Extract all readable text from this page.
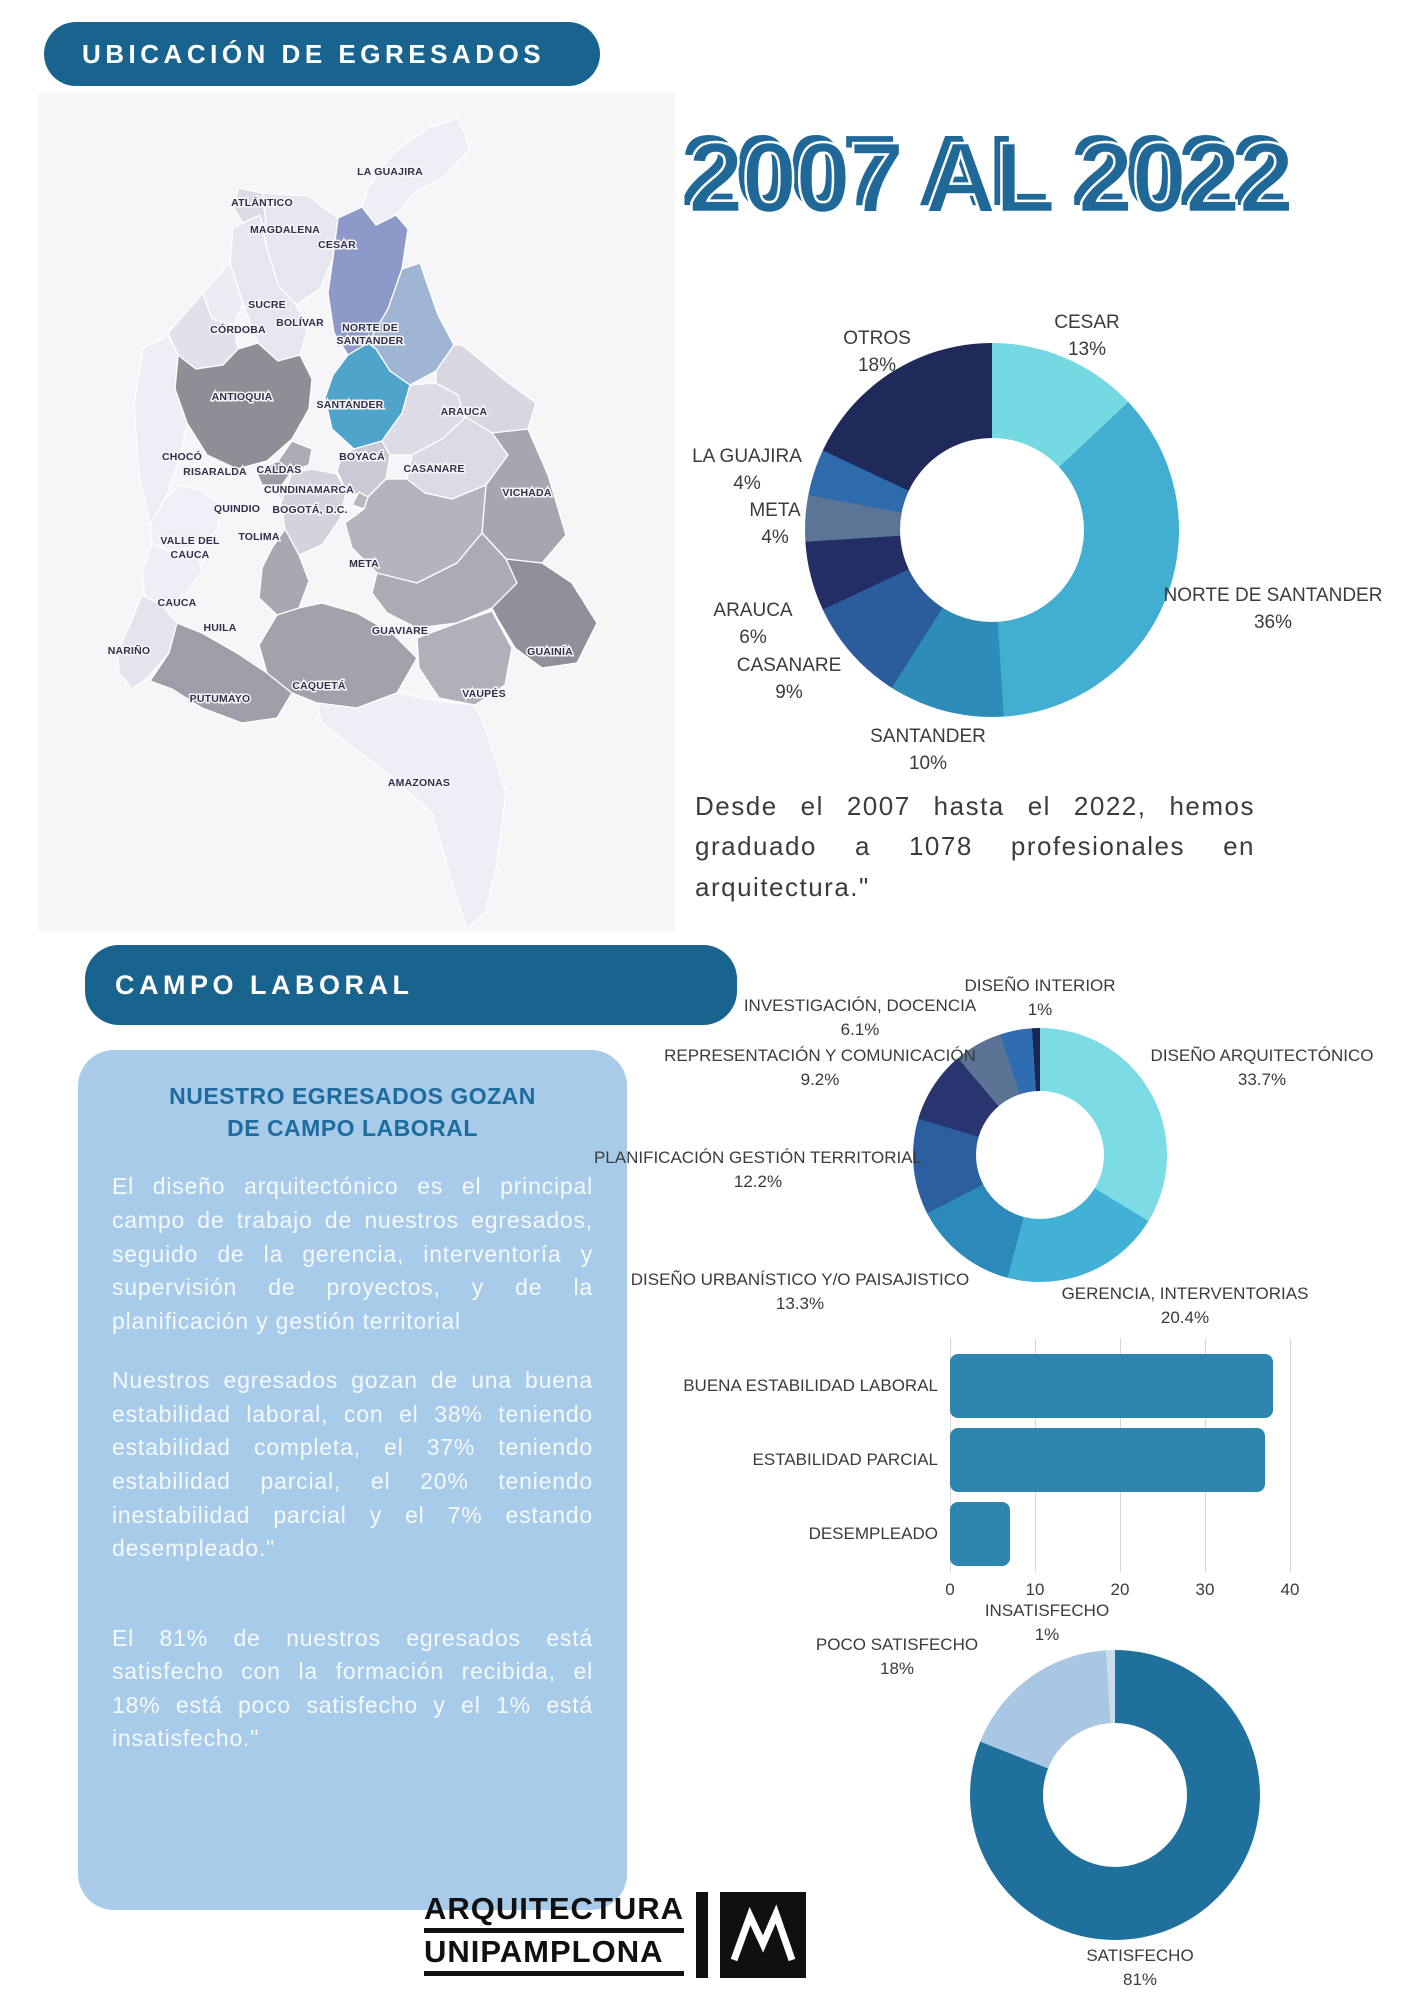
UBICACIÓN DE EGRESADOS
LA GUAJIRA
ATLÁNTICO
MAGDALENA
CESAR
SUCRE
BOLÍVAR
CÓRDOBA	NORTE DE
SANTANDER
ANTIOQUIA
SANTANDER
ARAUCA
CHOCÓ
RISARALDA CALDAS
BOYACÁ
CASANARE
CUNDINAMARCA
QUINDIO BOGOTÁ, D.C.
VICHADA
VALLE DEL
CAUCA
TOLIMA
META
CAUCA
HUILA
GUAINÍA
NARIÑO
GUAVIARE
CAQUETÁ
PUTUMAYO	VAUPÉS
AMAZONAS
2007 AL 2022
CESAR
13%
NORTE DE SANTANDER
36%
SANTANDER
10%
CASANARE
9%
ARAUCA
6%
META
4%
LA GUAJIRA
4%
OTROS
18%
Desde el 2007 hasta el 2022, hemos graduado a 1078 profesionales en arquitectura."
CAMPO LABORAL
NUESTRO EGRESADOS GOZAN
DE CAMPO LABORAL
El diseño arquitectónico es el principal campo de trabajo de nuestros egresados, seguido de la gerencia, interventoría y supervisión de proyectos, y de la planificación y gestión territorial
Nuestros egresados gozan de una buena estabilidad laboral, con el 38% teniendo estabilidad completa, el 37% teniendo estabilidad parcial, el 20% teniendo inestabilidad parcial y el 7% estando desempleado."
El 81% de nuestros egresados está satisfecho con la formación recibida, el 18% está poco satisfecho y el 1% está insatisfecho."
DISEÑO ARQUITECTÓNICO
33.7%
GERENCIA, INTERVENTORIAS
20.4%
DISEÑO URBANÍSTICO Y/O PAISAJISTICO
13.3%
PLANIFICACIÓN GESTIÓN TERRITORIAL
12.2%
REPRESENTACIÓN Y COMUNICACIÓN
9.2%
INVESTIGACIÓN, DOCENCIA
6.1%
DISEÑO INTERIOR
1%
BUENA ESTABILIDAD LABORAL
ESTABILIDAD PARCIAL
DESEMPLEADO
0	10	20	30	40
SATISFECHO
81%
POCO SATISFECHO
18%
INSATISFECHO
1%
ARQUITECTURA
UNIPAMPLONA
